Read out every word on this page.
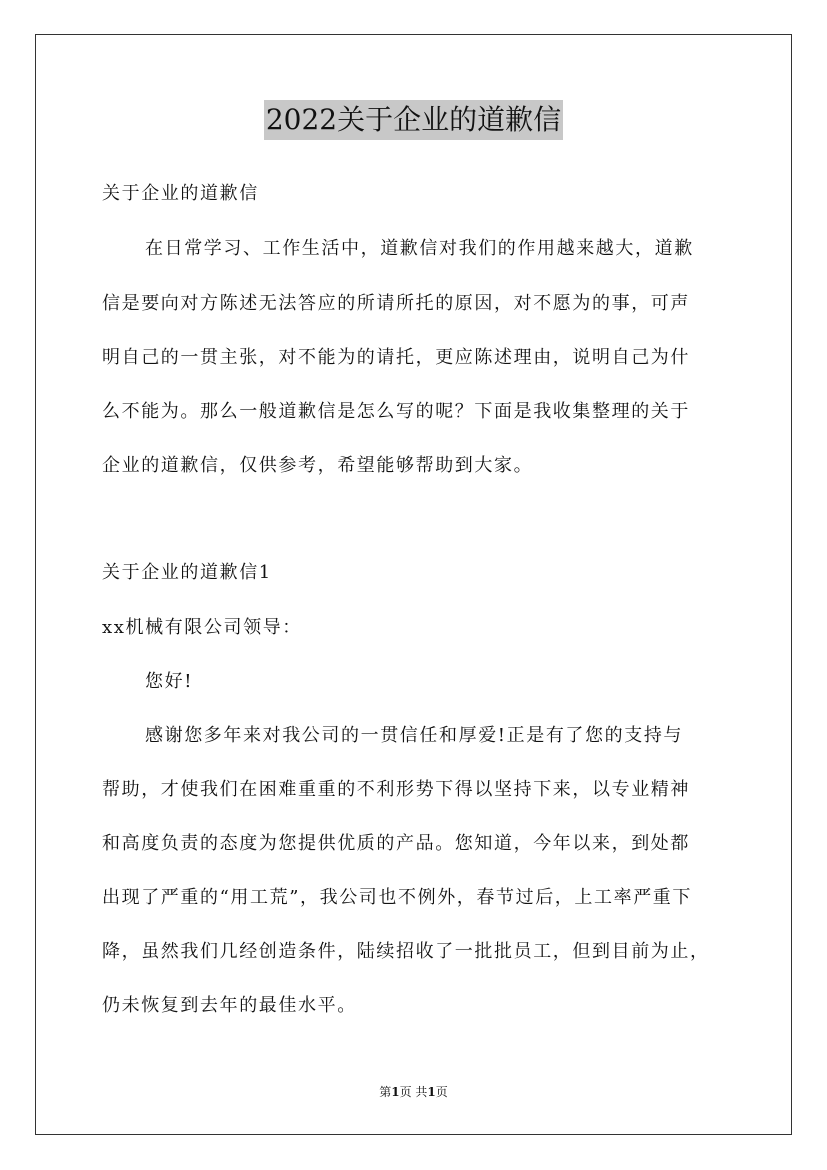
2022关于企业的道歉信
关于企业的道歉信
在日常学习、工作生活中，道歉信对我们的作用越来越大，道歉
信是要向对方陈述无法答应的所请所托的原因，对不愿为的事，可声
明自己的一贯主张，对不能为的请托，更应陈述理由，说明自己为什
么不能为。那么一般道歉信是怎么写的呢？下面是我收集整理的关于
企业的道歉信，仅供参考，希望能够帮助到大家。
关于企业的道歉信1
xx机械有限公司领导：
您好!
感谢您多年来对我公司的一贯信任和厚爱!正是有了您的支持与
帮助，才使我们在困难重重的不利形势下得以坚持下来，以专业精神
和高度负责的态度为您提供优质的产品。您知道，今年以来，到处都
出现了严重的“用工荒”，我公司也不例外，春节过后，上工率严重下
降，虽然我们几经创造条件，陆续招收了一批批员工，但到目前为止，
仍未恢复到去年的最佳水平。
第1页 共1页
